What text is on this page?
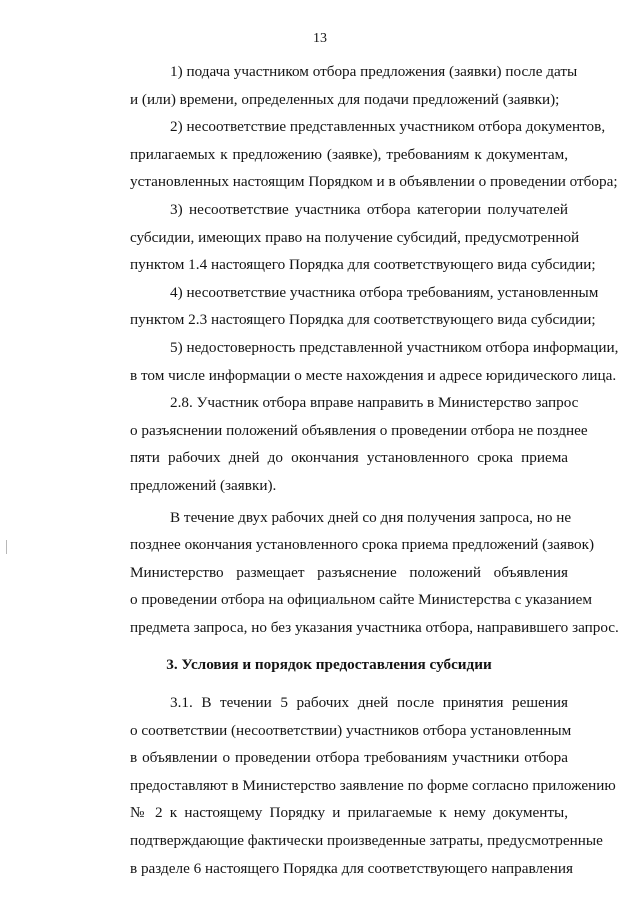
13
1) подача участником отбора предложения (заявки) после даты
и (или) времени, определенных для подачи предложений (заявки);
2) несоответствие представленных участником отбора документов,
прилагаемых к предложению (заявке), требованиям к документам,
установленных настоящим Порядком и в объявлении о проведении отбора;
3) несоответствие участника отбора категории получателей
субсидии, имеющих право на получение субсидий, предусмотренной
пунктом 1.4 настоящего Порядка для соответствующего вида субсидии;
4) несоответствие участника отбора требованиям, установленным
пунктом 2.3 настоящего Порядка для соответствующего вида субсидии;
5) недостоверность представленной участником отбора информации,
в том числе информации о месте нахождения и адресе юридического лица.
2.8. Участник отбора вправе направить в Министерство запрос
о разъяснении положений объявления о проведении отбора не позднее
пяти рабочих дней до окончания установленного срока приема
предложений (заявки).
В течение двух рабочих дней со дня получения запроса, но не
позднее окончания установленного срока приема предложений (заявок)
Министерство размещает разъяснение положений объявления
о проведении отбора на официальном сайте Министерства с указанием
предмета запроса, но без указания участника отбора, направившего запрос.
3. Условия и порядок предоставления субсидии
3.1. В течении 5 рабочих дней после принятия решения
о соответствии (несоответствии) участников отбора установленным
в объявлении о проведении отбора требованиям участники отбора
предоставляют в Министерство заявление по форме согласно приложению
№ 2 к настоящему Порядку и прилагаемые к нему документы,
подтверждающие фактически произведенные затраты, предусмотренные
в разделе 6 настоящего Порядка для соответствующего направления
